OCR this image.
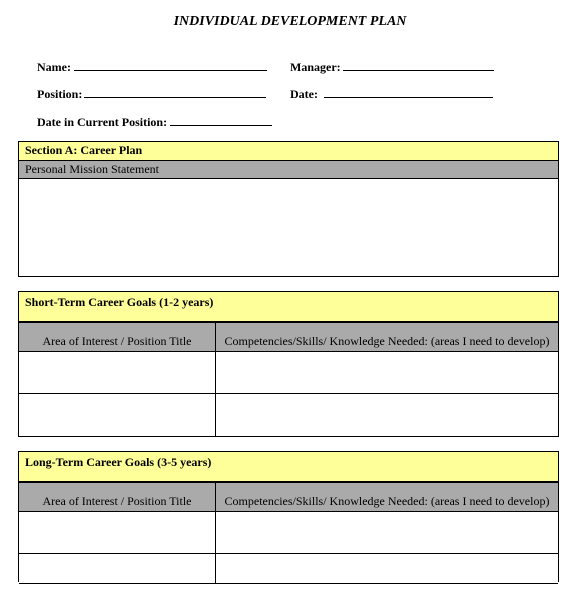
INDIVIDUAL DEVELOPMENT PLAN
Name:	Manager:
Position:	Date:
Date in Current Position:
Section A: Career Plan
Personal Mission Statement
Short-Term Career Goals (1-2 years)
Area of Interest / Position Title	Competencies/Skills/ Knowledge Needed: (areas I need to develop)

Long-Term Career Goals (3-5 years)
Area of Interest / Position Title	Competencies/Skills/ Knowledge Needed: (areas I need to develop)
